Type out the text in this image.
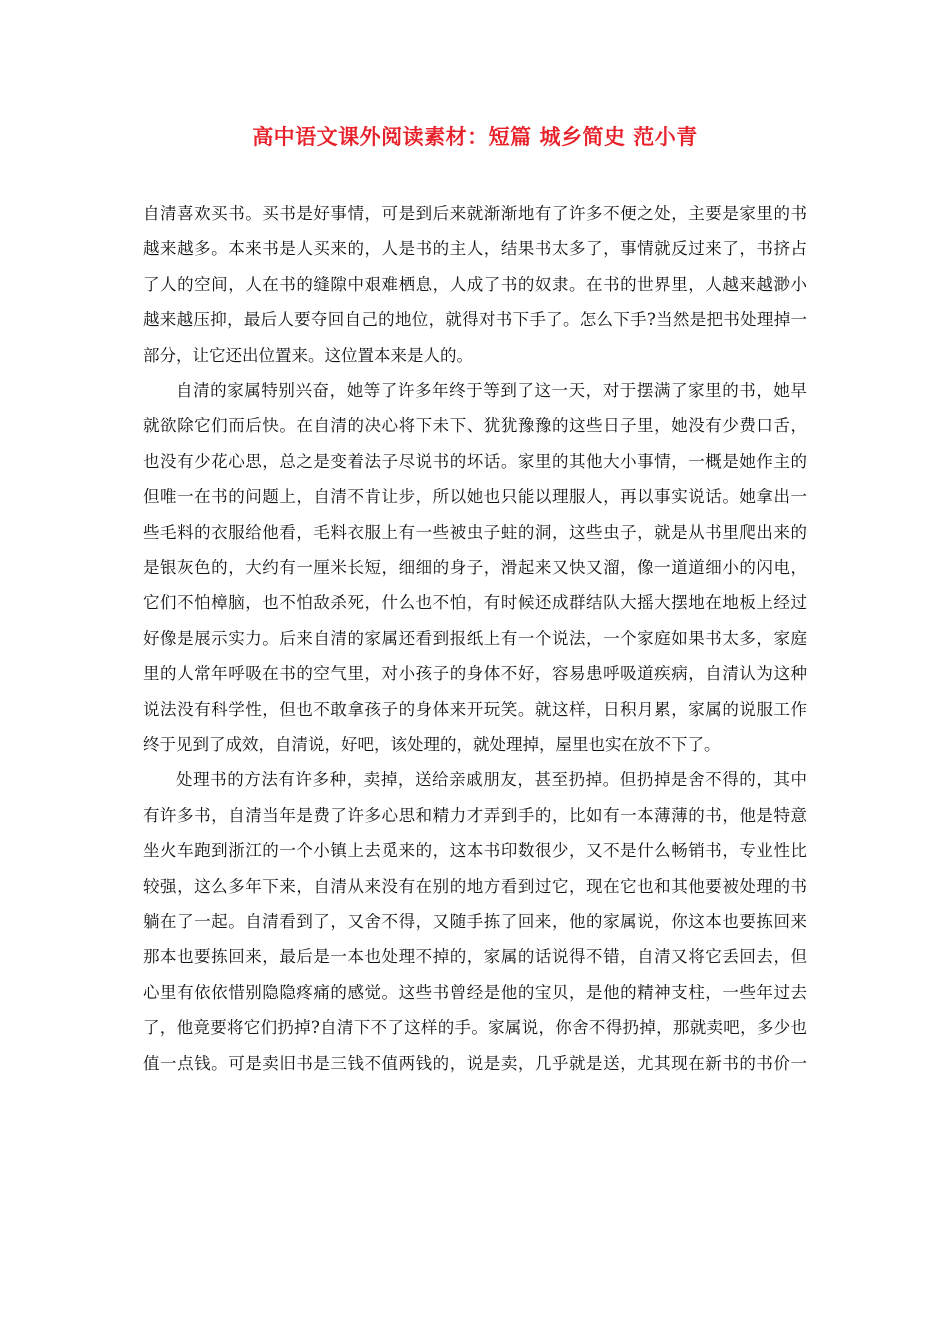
高中语文课外阅读素材：短篇 城乡简史 范小青
自清喜欢买书。买书是好事情，可是到后来就渐渐地有了许多不便之处，主要是家里的书
越来越多。本来书是人买来的，人是书的主人，结果书太多了，事情就反过来了，书挤占
了人的空间，人在书的缝隙中艰难栖息，人成了书的奴隶。在书的世界里，人越来越渺小
越来越压抑，最后人要夺回自己的地位，就得对书下手了。怎么下手?当然是把书处理掉一
部分，让它还出位置来。这位置本来是人的。
自清的家属特别兴奋，她等了许多年终于等到了这一天，对于摆满了家里的书，她早
就欲除它们而后快。在自清的决心将下未下、犹犹豫豫的这些日子里，她没有少费口舌，
也没有少花心思，总之是变着法子尽说书的坏话。家里的其他大小事情，一概是她作主的
但唯一在书的问题上，自清不肯让步，所以她也只能以理服人，再以事实说话。她拿出一
些毛料的衣服给他看，毛料衣服上有一些被虫子蛀的洞，这些虫子，就是从书里爬出来的
是银灰色的，大约有一厘米长短，细细的身子，滑起来又快又溜，像一道道细小的闪电，
它们不怕樟脑，也不怕敌杀死，什么也不怕，有时候还成群结队大摇大摆地在地板上经过
好像是展示实力。后来自清的家属还看到报纸上有一个说法，一个家庭如果书太多，家庭
里的人常年呼吸在书的空气里，对小孩子的身体不好，容易患呼吸道疾病，自清认为这种
说法没有科学性，但也不敢拿孩子的身体来开玩笑。就这样，日积月累，家属的说服工作
终于见到了成效，自清说，好吧，该处理的，就处理掉，屋里也实在放不下了。
处理书的方法有许多种，卖掉，送给亲戚朋友，甚至扔掉。但扔掉是舍不得的，其中
有许多书，自清当年是费了许多心思和精力才弄到手的，比如有一本薄薄的书，他是特意
坐火车跑到浙江的一个小镇上去觅来的，这本书印数很少，又不是什么畅销书，专业性比
较强，这么多年下来，自清从来没有在别的地方看到过它，现在它也和其他要被处理的书
躺在了一起。自清看到了，又舍不得，又随手拣了回来，他的家属说，你这本也要拣回来
那本也要拣回来，最后是一本也处理不掉的，家属的话说得不错，自清又将它丢回去，但
心里有依依惜别隐隐疼痛的感觉。这些书曾经是他的宝贝，是他的精神支柱，一些年过去
了，他竟要将它们扔掉?自清下不了这样的手。家属说，你舍不得扔掉，那就卖吧，多少也
值一点钱。可是卖旧书是三钱不值两钱的，说是卖，几乎就是送，尤其现在新书的书价一
